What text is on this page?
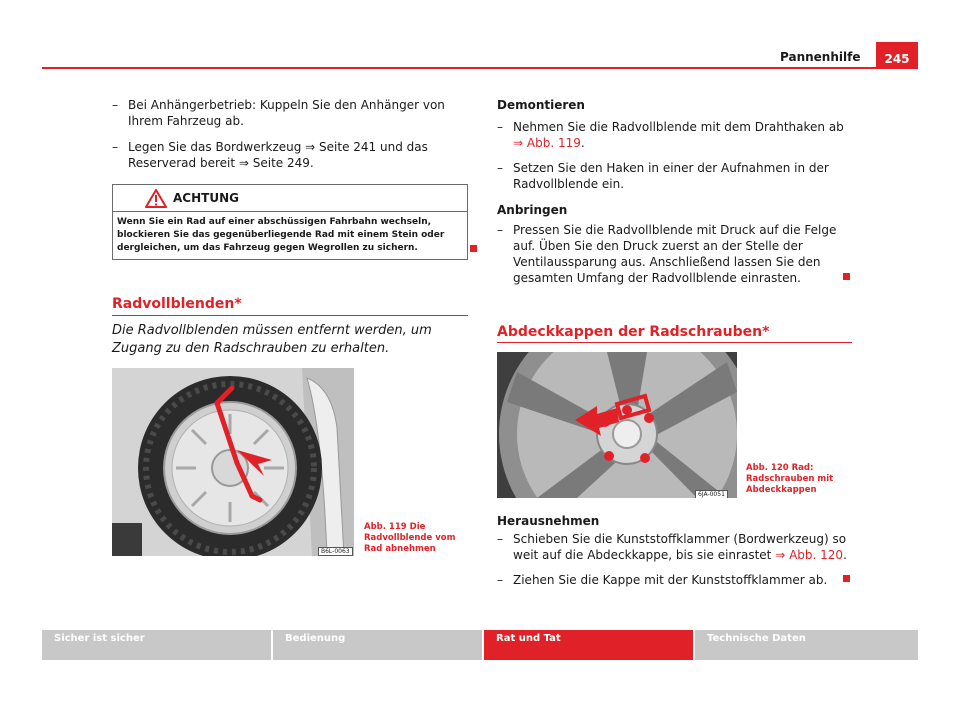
Pannenhilfe	245
– Bei Anhängerbetrieb: Kuppeln Sie den Anhänger von Ihrem Fahrzeug ab.
– Legen Sie das Bordwerkzeug ⇒ Seite 241 und das Reserverad bereit ⇒ Seite 249.
ACHTUNG
Wenn Sie ein Rad auf einer abschüssigen Fahrbahn wechseln, blockieren Sie das gegenüberliegende Rad mit einem Stein oder dergleichen, um das Fahrzeug gegen Wegrollen zu sichern.
Radvollblenden*
Die Radvollblenden müssen entfernt werden, um Zugang zu den Radschrauben zu erhalten.
B6L-0063
Abb. 119 Die Radvollblende vom Rad abnehmen
Demontieren
– Nehmen Sie die Radvollblende mit dem Drahthaken ab ⇒ Abb. 119.
– Setzen Sie den Haken in einer der Aufnahmen in der Radvollblende ein.
Anbringen
– Pressen Sie die Radvollblende mit Druck auf die Felge auf. Üben Sie den Druck zuerst an der Stelle der Ventilaussparung aus. Anschließend lassen Sie den gesamten Umfang der Radvollblende einrasten.
Abdeckkappen der Radschrauben*
6JA-0051
Abb. 120 Rad: Radschrauben mit Abdeckkappen
Herausnehmen
– Schieben Sie die Kunststoffklammer (Bordwerkzeug) so weit auf die Abdeckkappe, bis sie einrastet ⇒ Abb. 120.
– Ziehen Sie die Kappe mit der Kunststoffklammer ab.
Sicher ist sicher	Bedienung	Rat und Tat	Technische Daten
